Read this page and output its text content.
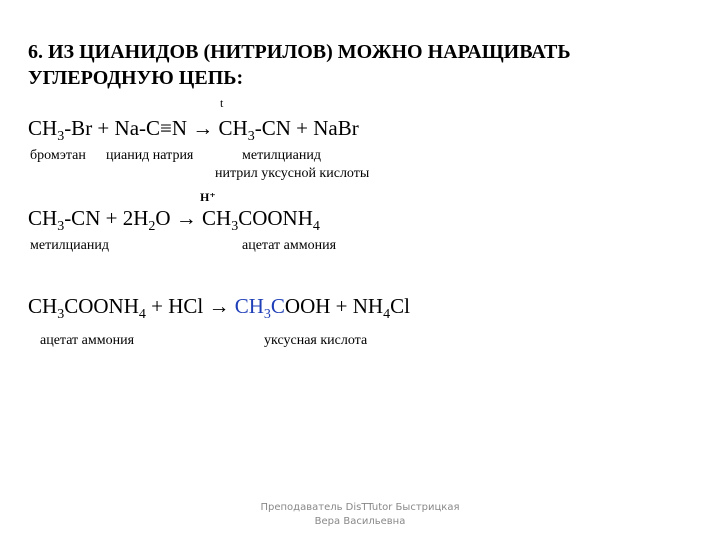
6. ИЗ ЦИАНИДОВ (НИТРИЛОВ) МОЖНО НАРАЩИВАТЬ
УГЛЕРОДНУЮ ЦЕПЬ:
t
$CH_3-Br + Na-C\equiv N \to CH_3-CN$ + NaBr
бромэтан цианид натрия	метилцианид
нитрил уксусной кислоты
H⁺
$CH_3-CN + 2H_2O$ → $CH_3COONH_4$
метилцианид	ацетат аммония
$CH_3COONH_4$ + HCl → $CH_3COOH + NH_4Cl$
ацетат аммония	уксусная кислота
Преподаватель DisTTutor Быстрицкая
Вера Васильевна
